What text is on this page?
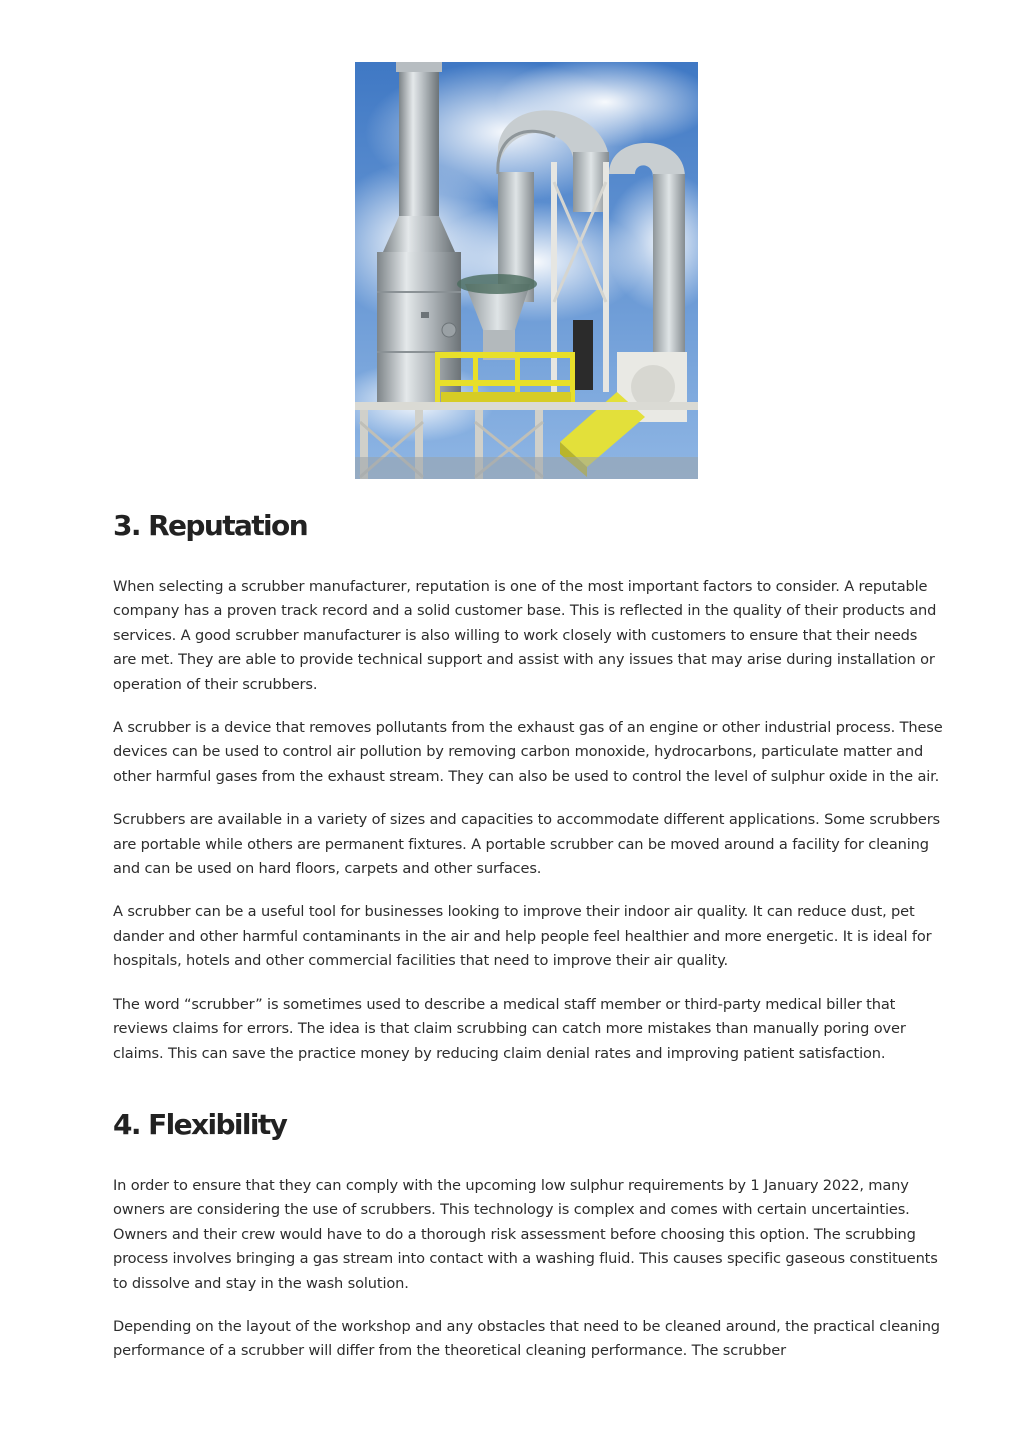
3. Reputation

When selecting a scrubber manufacturer, reputation is one of the most important factors to consider. A reputable company has a proven track record and a solid customer base. This is reflected in the quality of their products and services. A good scrubber manufacturer is also willing to work closely with customers to ensure that their needs are met. They are able to provide technical support and assist with any issues that may arise during installation or operation of their scrubbers.

A scrubber is a device that removes pollutants from the exhaust gas of an engine or other industrial process. These devices can be used to control air pollution by removing carbon monoxide, hydrocarbons, particulate matter and other harmful gases from the exhaust stream. They can also be used to control the level of sulphur oxide in the air.

Scrubbers are available in a variety of sizes and capacities to accommodate different applications. Some scrubbers are portable while others are permanent fixtures. A portable scrubber can be moved around a facility for cleaning and can be used on hard floors, carpets and other surfaces.

A scrubber can be a useful tool for businesses looking to improve their indoor air quality. It can reduce dust, pet dander and other harmful contaminants in the air and help people feel healthier and more energetic. It is ideal for hospitals, hotels and other commercial facilities that need to improve their air quality.

The word “scrubber” is sometimes used to describe a medical staff member or third-party medical biller that reviews claims for errors. The idea is that claim scrubbing can catch more mistakes than manually poring over claims. This can save the practice money by reducing claim denial rates and improving patient satisfaction.

4. Flexibility

In order to ensure that they can comply with the upcoming low sulphur requirements by 1 January 2022, many owners are considering the use of scrubbers. This technology is complex and comes with certain uncertainties. Owners and their crew would have to do a thorough risk assessment before choosing this option. The scrubbing process involves bringing a gas stream into contact with a washing fluid. This causes specific gaseous constituents to dissolve and stay in the wash solution.

Depending on the layout of the workshop and any obstacles that need to be cleaned around, the practical cleaning performance of a scrubber will differ from the theoretical cleaning performance. The scrubber
